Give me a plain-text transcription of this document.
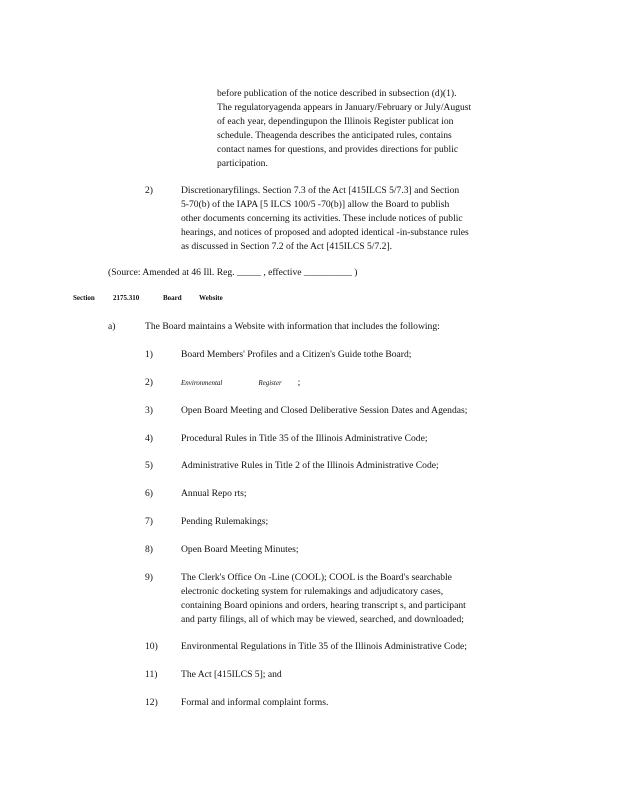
before publication of the notice described in subsection (d)(1).

The regulatoryagenda appears in January/February or July/August

of each year, dependingupon the Illinois Register publicat ion

schedule. Theagenda describes the anticipated rules, contains

contact names for questions, and provides directions for public

participation.

2)	Discretionaryfilings. Section 7.3 of the Act [415ILCS 5/7.3] and Section

5-70(b) of the IAPA [5 ILCS 100/5 -70(b)] allow the Board to publish

other documents concerning its activities. These include notices of public

hearings, and notices of proposed and adopted identical -in-substance rules

as discussed in Section 7.2 of the Act [415ILCS 5/7.2].

(Source: Amended at 46 Ill. Reg. _____ , effective __________ )
Section	2175.310	Board Website
a)	The Board maintains a Website with information that includes the following:

1)	Board Members' Profiles and a Citizen's Guide tothe Board;

2)	Environmental	Register ;

3)	Open Board Meeting and Closed Deliberative Session Dates and Agendas;

4)	Procedural Rules in Title 35 of the Illinois Administrative Code;

5)	Administrative Rules in Title 2 of the Illinois Administrative Code;

6)	Annual Repo rts;

7)	Pending Rulemakings;

8)	Open Board Meeting Minutes;

9)	The Clerk's Office On -Line (COOL); COOL is the Board's searchable

electronic docketing system for rulemakings and adjudicatory cases,

containing Board opinions and orders, hearing transcript s, and participant

and party filings, all of which may be viewed, searched, and downloaded;

10) Environmental Regulations in Title 35 of the Illinois Administrative Code;

11) The Act [415ILCS 5]; and

12) Formal and informal complaint forms.
